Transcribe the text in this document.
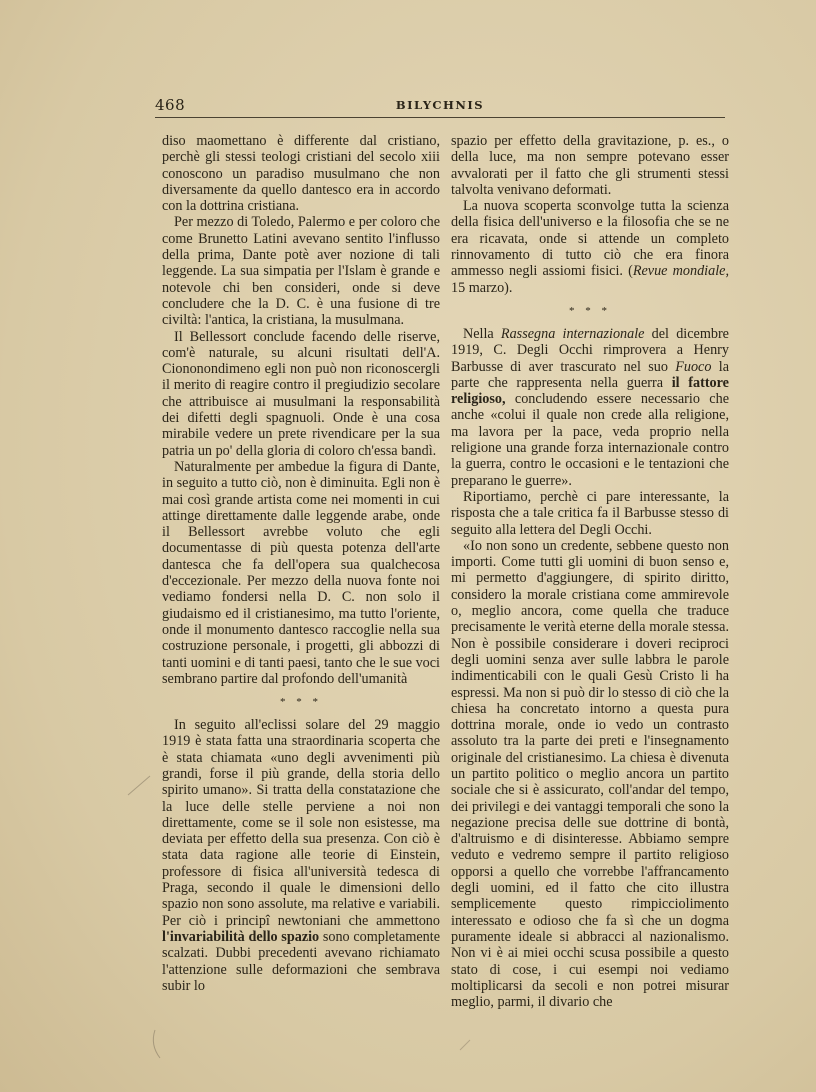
468	BILYCHNIS

diso maomettano è differente dal cristiano, perchè gli stessi teologi cristiani del secolo xiii conoscono un paradiso musulmano che non diversamente da quello dantesco era in accordo con la dottrina cristiana.

Per mezzo di Toledo, Palermo e per coloro che come Brunetto Latini avevano sentito l'influsso della prima, Dante potè aver nozione di tali leggende. La sua simpatia per l'Islam è grande e notevole chi ben consideri, onde si deve concludere che la D. C. è una fusione di tre civiltà: l'antica, la cristiana, la musulmana.

Il Bellessort conclude facendo delle riserve, com'è naturale, su alcuni risultati dell'A. Ciononondimeno egli non può non riconoscergli il merito di reagire contro il pregiudizio secolare che attribuisce ai musulmani la responsabilità dei difetti degli spagnuoli. Onde è una cosa mirabile vedere un prete rivendicare per la sua patria un po' della gloria di coloro ch'essa bandì.

Naturalmente per ambedue la figura di Dante, in seguito a tutto ciò, non è diminuita. Egli non è mai così grande artista come nei momenti in cui attinge direttamente dalle leggende arabe, onde il Bellessort avrebbe voluto che egli documentasse di più questa potenza dell'arte dantesca che fa dell'opera sua qualchecosa d'eccezionale. Per mezzo della nuova fonte noi vediamo fondersi nella D. C. non solo il giudaismo ed il cristianesimo, ma tutto l'oriente, onde il monumento dantesco raccoglie nella sua costruzione personale, i progetti, gli abbozzi di tanti uomini e di tanti paesi, tanto che le sue voci sembrano partire dal profondo dell'umanità

* * *

In seguito all'eclissi solare del 29 maggio 1919 è stata fatta una straordinaria scoperta che è stata chiamata «uno degli avvenimenti più grandi, forse il più grande, della storia dello spirito umano». Si tratta della constatazione che la luce delle stelle perviene a noi non direttamente, come se il sole non esistesse, ma deviata per effetto della sua presenza. Con ciò è stata data ragione alle teorie di Einstein, professore di fisica all'università tedesca di Praga, secondo il quale le dimensioni dello spazio non sono assolute, ma relative e variabili. Per ciò i principî newtoniani che ammettono l'invariabilità dello spazio sono completamente scalzati. Dubbi precedenti avevano richiamato l'attenzione sulle deformazioni che sembrava subir lo

spazio per effetto della gravitazione, p. es., o della luce, ma non sempre potevano esser avvalorati per il fatto che gli strumenti stessi talvolta venivano deformati.

La nuova scoperta sconvolge tutta la scienza della fisica dell'universo e la filosofia che se ne era ricavata, onde si attende un completo rinnovamento di tutto ciò che era finora ammesso negli assiomi fisici. (Revue mondiale, 15 marzo).

* * *

Nella Rassegna internazionale del dicembre 1919, C. Degli Occhi rimprovera a Henry Barbusse di aver trascurato nel suo Fuoco la parte che rappresenta nella guerra il fattore religioso, concludendo essere necessario che anche «colui il quale non crede alla religione, ma lavora per la pace, veda proprio nella religione una grande forza internazionale contro la guerra, contro le occasioni e le tentazioni che preparano le guerre».

Riportiamo, perchè ci pare interessante, la risposta che a tale critica fa il Barbusse stesso di seguito alla lettera del Degli Occhi.

«Io non sono un credente, sebbene questo non importi. Come tutti gli uomini di buon senso e, mi permetto d'aggiungere, di spirito diritto, considero la morale cristiana come ammirevole o, meglio ancora, come quella che traduce precisamente le verità eterne della morale stessa. Non è possibile considerare i doveri reciproci degli uomini senza aver sulle labbra le parole indimenticabili con le quali Gesù Cristo li ha espressi. Ma non si può dir lo stesso di ciò che la chiesa ha concretato intorno a questa pura dottrina morale, onde io vedo un contrasto assoluto tra la parte dei preti e l'insegnamento originale del cristianesimo. La chiesa è divenuta un partito politico o meglio ancora un partito sociale che si è assicurato, coll'andar del tempo, dei privilegi e dei vantaggi temporali che sono la negazione precisa delle sue dottrine di bontà, d'altruismo e di disinteresse. Abbiamo sempre veduto e vedremo sempre il partito religioso opporsi a quello che vorrebbe l'affrancamento degli uomini, ed il fatto che cito illustra semplicemente questo rimpicciolimento interessato e odioso che fa sì che un dogma puramente ideale si abbracci al nazionalismo. Non vi è ai miei occhi scusa possibile a questo stato di cose, i cui esempi noi vediamo moltiplicarsi da secoli e non potrei misurar meglio, parmi, il divario che
